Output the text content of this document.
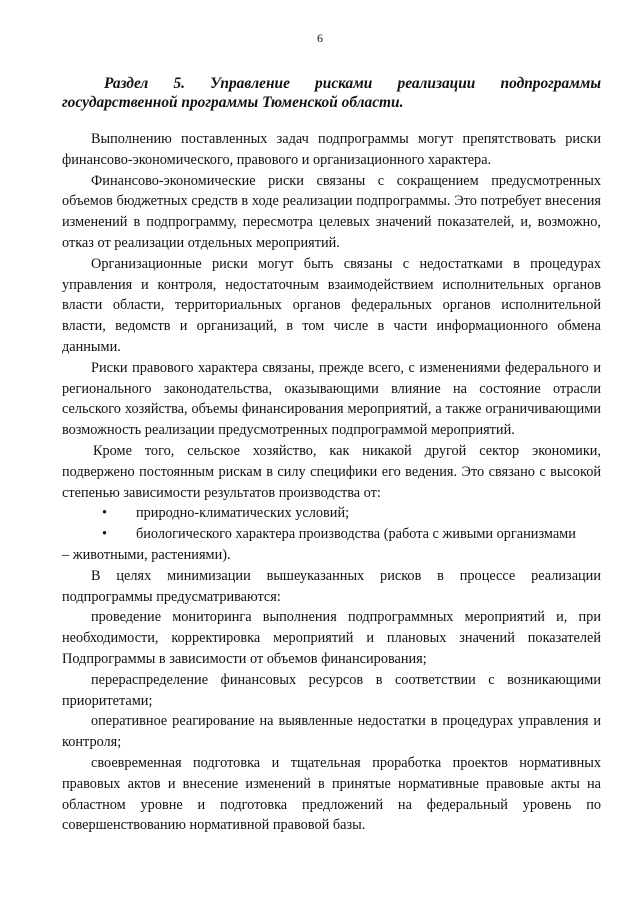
6

Раздел 5. Управление рисками реализации подпрограммы государственной программы Тюменской области.

Выполнению поставленных задач подпрограммы могут препятствовать риски финансово-экономического, правового и организационного характера.

Финансово-экономические риски связаны с сокращением предусмотренных объемов бюджетных средств в ходе реализации подпрограммы. Это потребует внесения изменений в подпрограмму, пересмотра целевых значений показателей, и, возможно, отказ от реализации отдельных мероприятий.

Организационные риски могут быть связаны с недостатками в процедурах управления и контроля, недостаточным взаимодействием исполнительных органов власти области, территориальных органов федеральных органов исполнительной власти, ведомств и организаций, в том числе в части информационного обмена данными.

Риски правового характера связаны, прежде всего, с изменениями федерального и регионального законодательства, оказывающими влияние на состояние отрасли сельского хозяйства, объемы финансирования мероприятий, а также ограничивающими возможность реализации предусмотренных подпрограммой мероприятий.

Кроме того, сельское хозяйство, как никакой другой сектор экономики, подвержено постоянным рискам в силу специфики его ведения. Это связано с высокой степенью зависимости результатов производства от:

• природно-климатических условий;
• биологического характера производства (работа с живыми организмами
– животными, растениями).

В целях минимизации вышеуказанных рисков в процессе реализации подпрограммы предусматриваются:

проведение мониторинга выполнения подпрограммных мероприятий и, при необходимости, корректировка мероприятий и плановых значений показателей Подпрограммы в зависимости от объемов финансирования;

перераспределение финансовых ресурсов в соответствии с возникающими приоритетами;

оперативное реагирование на выявленные недостатки в процедурах управления и контроля;

своевременная подготовка и тщательная проработка проектов нормативных правовых актов и внесение изменений в принятые нормативные правовые акты на областном уровне и подготовка предложений на федеральный уровень по совершенствованию нормативной правовой базы.
